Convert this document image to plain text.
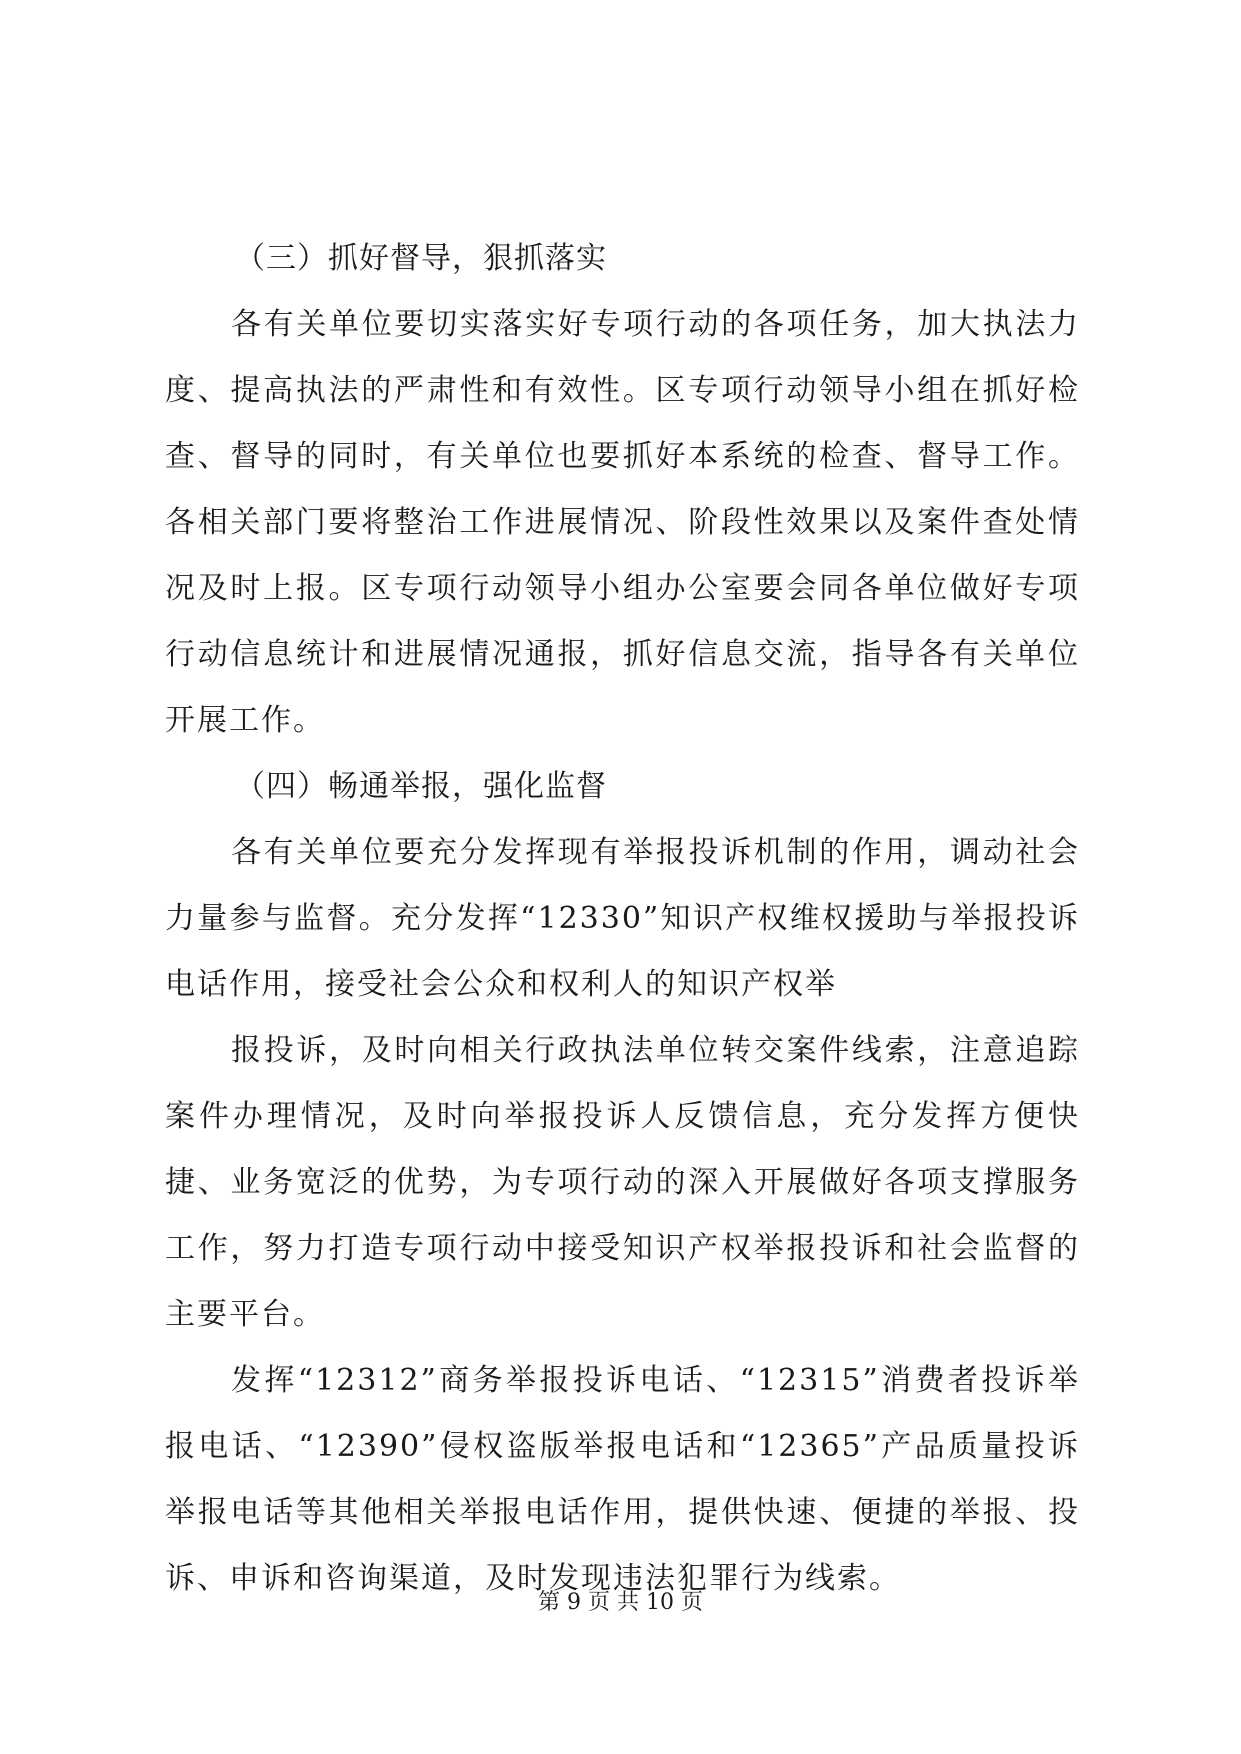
（三）抓好督导，狠抓落实

各有关单位要切实落实好专项行动的各项任务，加大执法力度、提高执法的严肃性和有效性。区专项行动领导小组在抓好检查、督导的同时，有关单位也要抓好本系统的检查、督导工作。各相关部门要将整治工作进展情况、阶段性效果以及案件查处情况及时上报。区专项行动领导小组办公室要会同各单位做好专项行动信息统计和进展情况通报，抓好信息交流，指导各有关单位开展工作。

（四）畅通举报，强化监督

各有关单位要充分发挥现有举报投诉机制的作用，调动社会力量参与监督。充分发挥“12330”知识产权维权援助与举报投诉电话作用，接受社会公众和权利人的知识产权举

报投诉，及时向相关行政执法单位转交案件线索，注意追踪案件办理情况，及时向举报投诉人反馈信息，充分发挥方便快捷、业务宽泛的优势，为专项行动的深入开展做好各项支撑服务工作，努力打造专项行动中接受知识产权举报投诉和社会监督的主要平台。

发挥“12312”商务举报投诉电话、“12315”消费者投诉举报电话、“12390”侵权盗版举报电话和“12365”产品质量投诉举报电话等其他相关举报电话作用，提供快速、便捷的举报、投诉、申诉和咨询渠道，及时发现违法犯罪行为线索。

第 9 页 共 10 页
